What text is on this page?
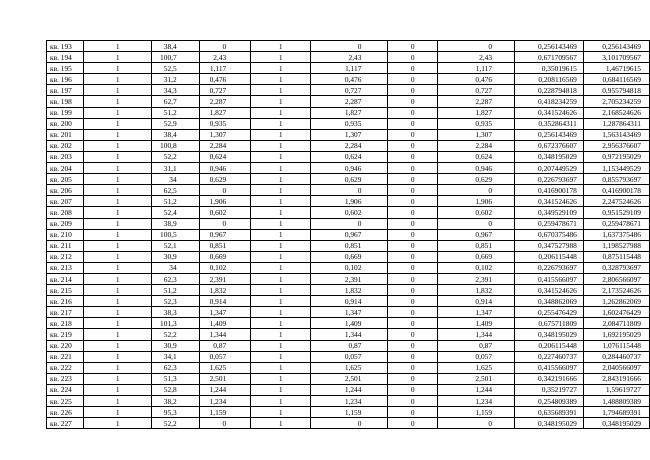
кв. 193	1	38,4	0	1	0	0	0	0,256143469	0,256143469
кв. 194	1	100,7	2,43	1	2,43	0	2,43	0,671709567	3,101709567
кв. 195	1	52,5	1,117	1	1,117	0	1,117	0,35019615	1,46719615
кв. 196	1	31,2	0,476	1	0,476	0	0,476	0,208116569	0,684116569
кв. 197	1	34,3	0,727	1	0,727	0	0,727	0,228794818	0,955794818
кв. 198	1	62,7	2,287	1	2,287	0	2,287	0,418234259	2,705234259
кв. 199	1	51,2	1,827	1	1,827	0	1,827	0,341524626	2,168524626
кв. 200	1	52,9	0,935	1	0,935	0	0,935	0,352864311	1,287864311
кв. 201	1	38,4	1,307	1	1,307	0	1,307	0,256143469	1,563143469
кв. 202	1	100,8	2,284	1	2,284	0	2,284	0,672376607	2,956376607
кв. 203	1	52,2	0,624	1	0,624	0	0,624	0,348195029	0,972195029
кв. 204	1	31,1	0,946	1	0,946	0	0,946	0,207449529	1,153449529
кв. 205	1	34	0,629	1	0,629	0	0,629	0,226793697	0,855793697
кв. 206	1	62,5	0	1	0	0	0	0,416900178	0,416900178
кв. 207	1	51,2	1,906	1	1,906	0	1,906	0,341524626	2,247524626
кв. 208	1	52,4	0,602	1	0,602	0	0,602	0,349529109	0,951529109
кв. 209	1	38,9	0	1	0	0	0	0,259478671	0,259478671
кв. 210	1	100,5	0,967	1	0,967	0	0,967	0,670375486	1,637375486
кв. 211	1	52,1	0,851	1	0,851	0	0,851	0,347527988	1,198527988
кв. 212	1	30,9	0,669	1	0,669	0	0,669	0,206115448	0,875115448
кв. 213	1	34	0,102	1	0,102	0	0,102	0,226793697	0,328793697
кв. 214	1	62,3	2,391	1	2,391	0	2,391	0,415566097	2,806566097
кв. 215	1	51,2	1,832	1	1,832	0	1,832	0,341524626	2,173524626
кв. 216	1	52,3	0,914	1	0,914	0	0,914	0,348862069	1,262862069
кв. 217	1	38,3	1,347	1	1,347	0	1,347	0,255476429	1,602476429
кв. 218	1	101,3	1,409	1	1,409	0	1,409	0,675711809	2,084711809
кв. 219	1	52,2	1,344	1	1,344	0	1,344	0,348195029	1,692195029
кв. 220	1	30,9	0,87	1	0,87	0	0,87	0,206115448	1,076115448
кв. 221	1	34,1	0,057	1	0,057	0	0,057	0,227460737	0,284460737
кв. 222	1	62,3	1,625	1	1,625	0	1,625	0,415566097	2,040566097
кв. 223	1	51,3	2,501	1	2,501	0	2,501	0,342191666	2,843191666
кв. 224	1	52,8	1,244	1	1,244	0	1,244	0,35219727	1,59619727
кв. 225	1	38,2	1,234	1	1,234	0	1,234	0,254809389	1,488809389
кв. 226	1	95,3	1,159	1	1,159	0	1,159	0,635689391	1,794689391
кв. 227	1	52,2	0	1	0	0	0	0,348195029	0,348195029
